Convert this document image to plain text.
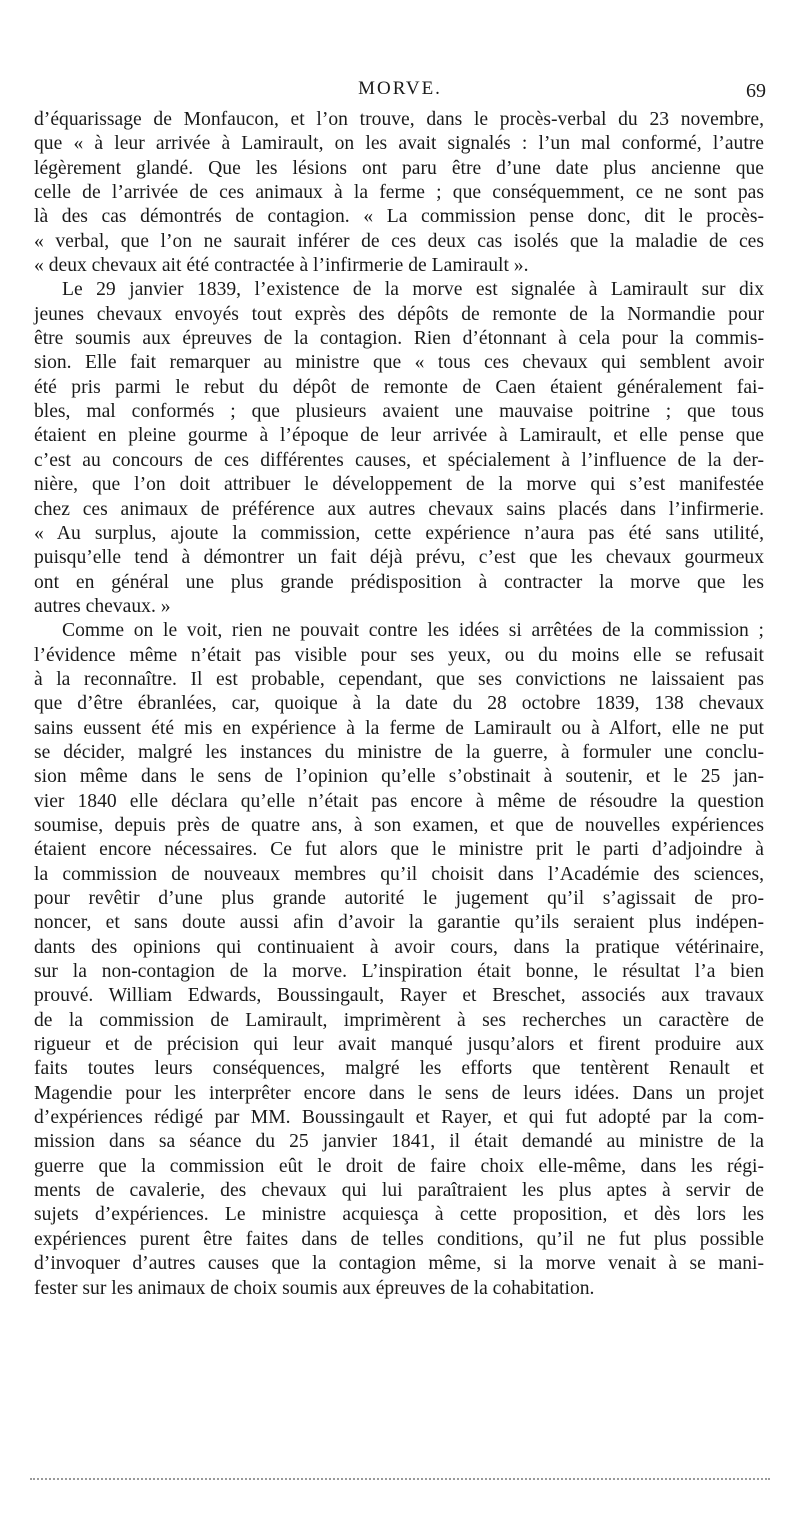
MORVE.	69

d’équarissage de Monfaucon, et l’on trouve, dans le procès-verbal du 23 novembre,
que « à leur arrivée à Lamirault, on les avait signalés : l’un mal conformé, l’autre
légèrement glandé. Que les lésions ont paru être d’une date plus ancienne que
celle de l’arrivée de ces animaux à la ferme ; que conséquemment, ce ne sont pas
là des cas démontrés de contagion. « La commission pense donc, dit le procès-
« verbal, que l’on ne saurait inférer de ces deux cas isolés que la maladie de ces
« deux chevaux ait été contractée à l’infirmerie de Lamirault ».

Le 29 janvier 1839, l’existence de la morve est signalée à Lamirault sur dix
jeunes chevaux envoyés tout exprès des dépôts de remonte de la Normandie pour
être soumis aux épreuves de la contagion. Rien d’étonnant à cela pour la commis-
sion. Elle fait remarquer au ministre que « tous ces chevaux qui semblent avoir
été pris parmi le rebut du dépôt de remonte de Caen étaient généralement fai-
bles, mal conformés ; que plusieurs avaient une mauvaise poitrine ; que tous
étaient en pleine gourme à l’époque de leur arrivée à Lamirault, et elle pense que
c’est au concours de ces différentes causes, et spécialement à l’influence de la der-
nière, que l’on doit attribuer le développement de la morve qui s’est manifestée
chez ces animaux de préférence aux autres chevaux sains placés dans l’infirmerie.
« Au surplus, ajoute la commission, cette expérience n’aura pas été sans utilité,
puisqu’elle tend à démontrer un fait déjà prévu, c’est que les chevaux gourmeux
ont en général une plus grande prédisposition à contracter la morve que les
autres chevaux. »

Comme on le voit, rien ne pouvait contre les idées si arrêtées de la commission ;
l’évidence même n’était pas visible pour ses yeux, ou du moins elle se refusait
à la reconnaître. Il est probable, cependant, que ses convictions ne laissaient pas
que d’être ébranlées, car, quoique à la date du 28 octobre 1839, 138 chevaux
sains eussent été mis en expérience à la ferme de Lamirault ou à Alfort, elle ne put
se décider, malgré les instances du ministre de la guerre, à formuler une conclu-
sion même dans le sens de l’opinion qu’elle s’obstinait à soutenir, et le 25 jan-
vier 1840 elle déclara qu’elle n’était pas encore à même de résoudre la question
soumise, depuis près de quatre ans, à son examen, et que de nouvelles expériences
étaient encore nécessaires. Ce fut alors que le ministre prit le parti d’adjoindre à
la commission de nouveaux membres qu’il choisit dans l’Académie des sciences,
pour revêtir d’une plus grande autorité le jugement qu’il s’agissait de pro-
noncer, et sans doute aussi afin d’avoir la garantie qu’ils seraient plus indépen-
dants des opinions qui continuaient à avoir cours, dans la pratique vétérinaire,
sur la non-contagion de la morve. L’inspiration était bonne, le résultat l’a bien
prouvé. William Edwards, Boussingault, Rayer et Breschet, associés aux travaux
de la commission de Lamirault, imprimèrent à ses recherches un caractère de
rigueur et de précision qui leur avait manqué jusqu’alors et firent produire aux
faits toutes leurs conséquences, malgré les efforts que tentèrent Renault et
Magendie pour les interprêter encore dans le sens de leurs idées. Dans un projet
d’expériences rédigé par MM. Boussingault et Rayer, et qui fut adopté par la com-
mission dans sa séance du 25 janvier 1841, il était demandé au ministre de la
guerre que la commission eût le droit de faire choix elle-même, dans les régi-
ments de cavalerie, des chevaux qui lui paraîtraient les plus aptes à servir de
sujets d’expériences. Le ministre acquiesça à cette proposition, et dès lors les
expériences purent être faites dans de telles conditions, qu’il ne fut plus possible
d’invoquer d’autres causes que la contagion même, si la morve venait à se mani-
fester sur les animaux de choix soumis aux épreuves de la cohabitation.
